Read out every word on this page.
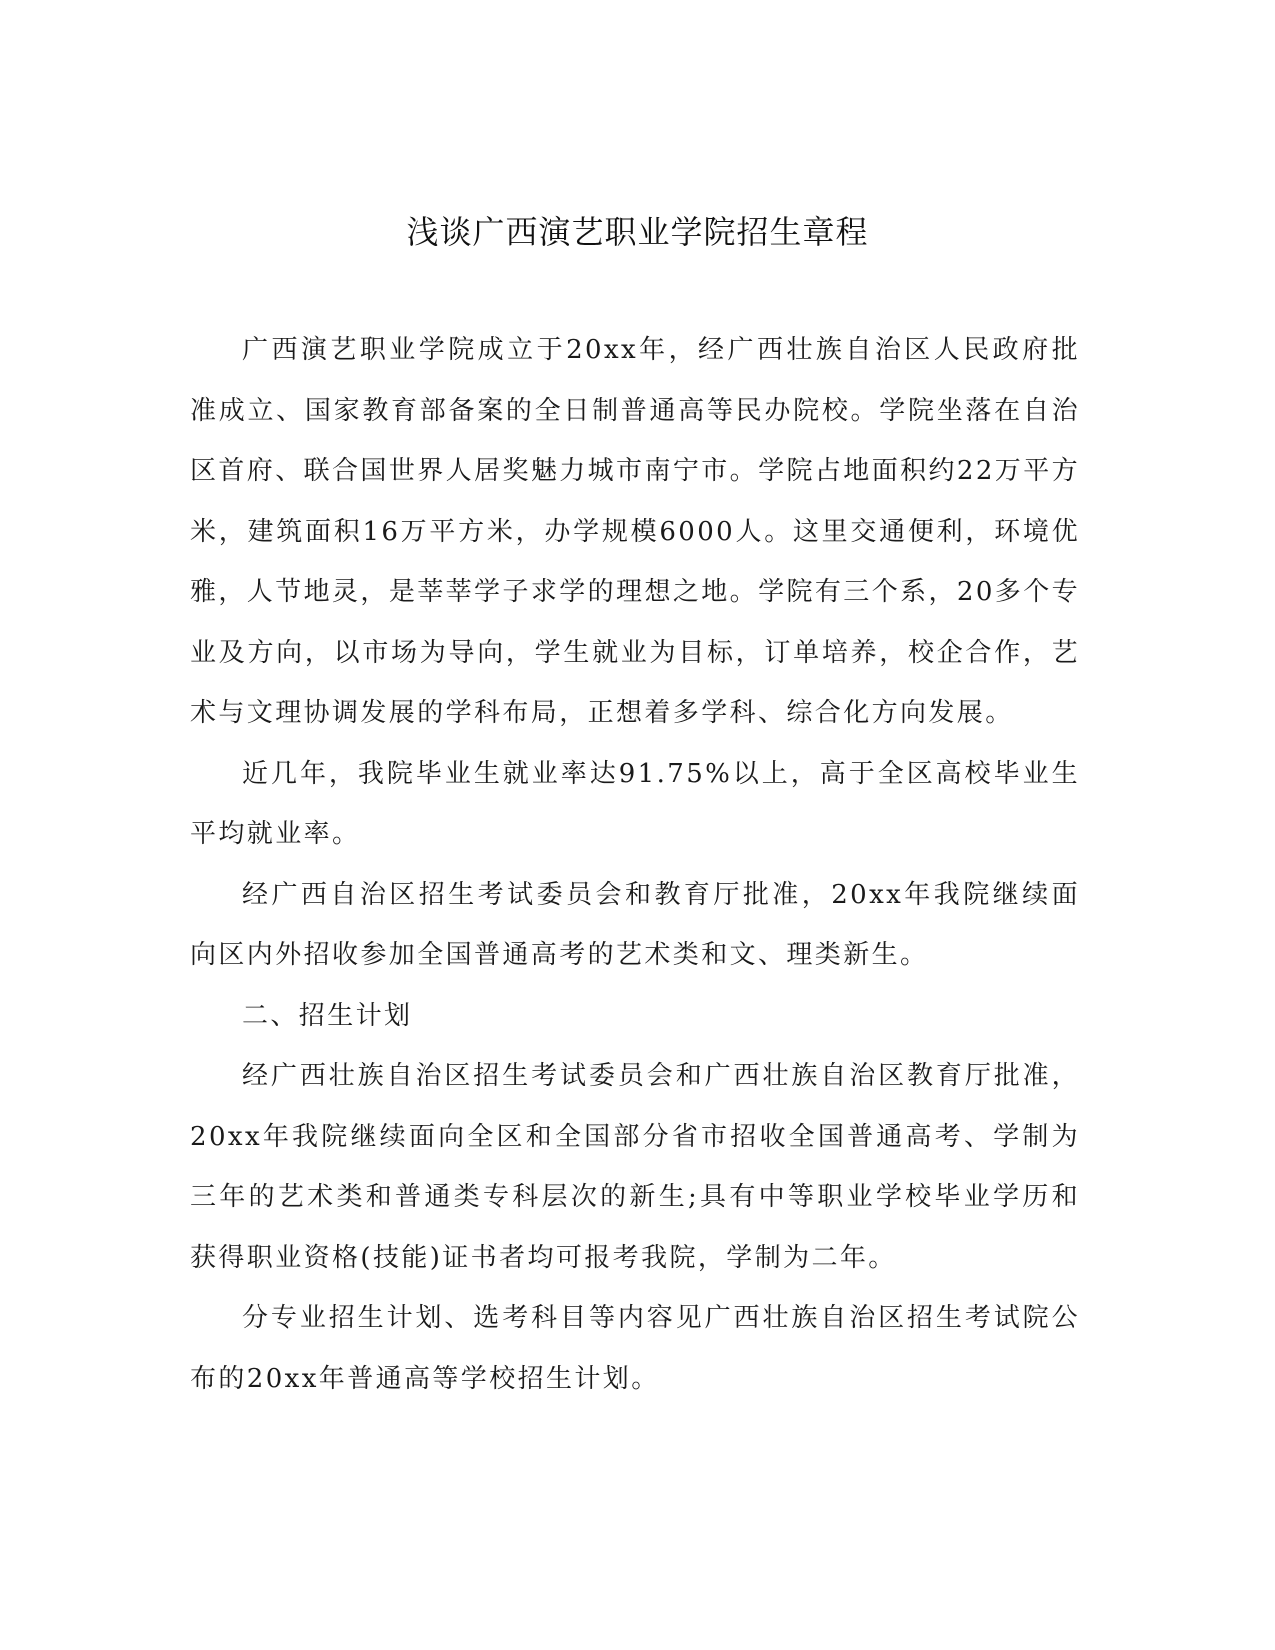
浅谈广西演艺职业学院招生章程

广西演艺职业学院成立于20xx年，经广西壮族自治区人民政府批准成立、国家教育部备案的全日制普通高等民办院校。学院坐落在自治区首府、联合国世界人居奖魅力城市南宁市。学院占地面积约22万平方米，建筑面积16万平方米，办学规模6000人。这里交通便利，环境优雅，人节地灵，是莘莘学子求学的理想之地。学院有三个系，20多个专业及方向，以市场为导向，学生就业为目标，订单培养，校企合作，艺术与文理协调发展的学科布局，正想着多学科、综合化方向发展。

近几年，我院毕业生就业率达91.75%以上，高于全区高校毕业生平均就业率。

经广西自治区招生考试委员会和教育厅批准，20xx年我院继续面向区内外招收参加全国普通高考的艺术类和文、理类新生。

二、招生计划

经广西壮族自治区招生考试委员会和广西壮族自治区教育厅批准，20xx年我院继续面向全区和全国部分省市招收全国普通高考、学制为三年的艺术类和普通类专科层次的新生;具有中等职业学校毕业学历和获得职业资格(技能)证书者均可报考我院，学制为二年。

分专业招生计划、选考科目等内容见广西壮族自治区招生考试院公布的20xx年普通高等学校招生计划。
